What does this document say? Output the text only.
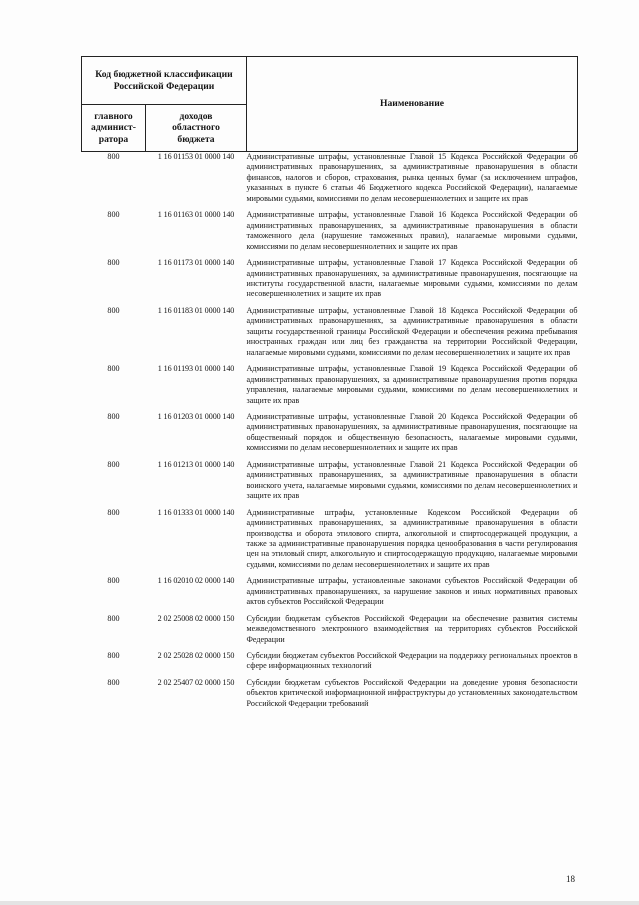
Код бюджетной классификации Российской Федерации		Наименование
главного
админист-
ратора	доходов
областного
бюджета	
800	1 16 01153 01 0000 140	Административные штрафы, установленные Главой 15 Кодекса Российской Федерации об административных правонарушениях, за административные правонарушения в области финансов, налогов и сборов, страхования, рынка ценных бумаг (за исключением штрафов, указанных в пункте 6 статьи 46 Бюджетного кодекса Российской Федерации), налагаемые мировыми судьями, комиссиями по делам несовершеннолетних и защите их прав

800	1 16 01163 01 0000 140	Административные штрафы, установленные Главой 16 Кодекса Российской Федерации об административных правонарушениях, за административные правонарушения в области таможенного дела (нарушение таможенных правил), налагаемые мировыми судьями, комиссиями по делам несовершеннолетних и защите их прав

800	1 16 01173 01 0000 140	Административные штрафы, установленные Главой 17 Кодекса Российской Федерации об административных правонарушениях, за административные правонарушения, посягающие на институты государственной власти, налагаемые мировыми судьями, комиссиями по делам несовершеннолетних и защите их прав

800	1 16 01183 01 0000 140	Административные штрафы, установленные Главой 18 Кодекса Российской Федерации об административных правонарушениях, за административные правонарушения в области защиты государственной границы Российской Федерации и обеспечения режима пребывания иностранных граждан или лиц без гражданства на территории Российской Федерации, налагаемые мировыми судьями, комиссиями по делам несовершеннолетних и защите их прав

800	1 16 01193 01 0000 140	Административные штрафы, установленные Главой 19 Кодекса Российской Федерации об административных правонарушениях, за административные правонарушения против порядка управления, налагаемые мировыми судьями, комиссиями по делам несовершеннолетних и защите их прав

800	1 16 01203 01 0000 140	Административные штрафы, установленные Главой 20 Кодекса Российской Федерации об административных правонарушениях, за административные правонарушения, посягающие на общественный порядок и общественную безопасность, налагаемые мировыми судьями, комиссиями по делам несовершеннолетних и защите их прав

800	1 16 01213 01 0000 140	Административные штрафы, установленные Главой 21 Кодекса Российской Федерации об административных правонарушениях, за административные правонарушения в области воинского учета, налагаемые мировыми судьями, комиссиями по делам несовершеннолетних и защите их прав

800	1 16 01333 01 0000 140	Административные штрафы, установленные Кодексом Российской Федерации об административных правонарушениях, за административные правонарушения в области производства и оборота этилового спирта, алкогольной и спиртосодержащей продукции, а также за административные правонарушения порядка ценообразования в части регулирования цен на этиловый спирт, алкогольную и спиртосодержащую продукцию, налагаемые мировыми судьями, комиссиями по делам несовершеннолетних и защите их прав

800	1 16 02010 02 0000 140	Административные штрафы, установленные законами субъектов Российской Федерации об административных правонарушениях, за нарушение законов и иных нормативных правовых актов субъектов Российской Федерации

800	2 02 25008 02 0000 150	Субсидии бюджетам субъектов Российской Федерации на обеспечение развития системы межведомственного электронного взаимодействия на территориях субъектов Российской Федерации

800	2 02 25028 02 0000 150	Субсидии бюджетам субъектов Российской Федерации на поддержку региональных проектов в сфере информационных технологий

800	2 02 25407 02 0000 150	Субсидии бюджетам субъектов Российской Федерации на доведение уровня безопасности объектов критической информационной инфраструктуры до установленных законодательством Российской Федерации требований
18
